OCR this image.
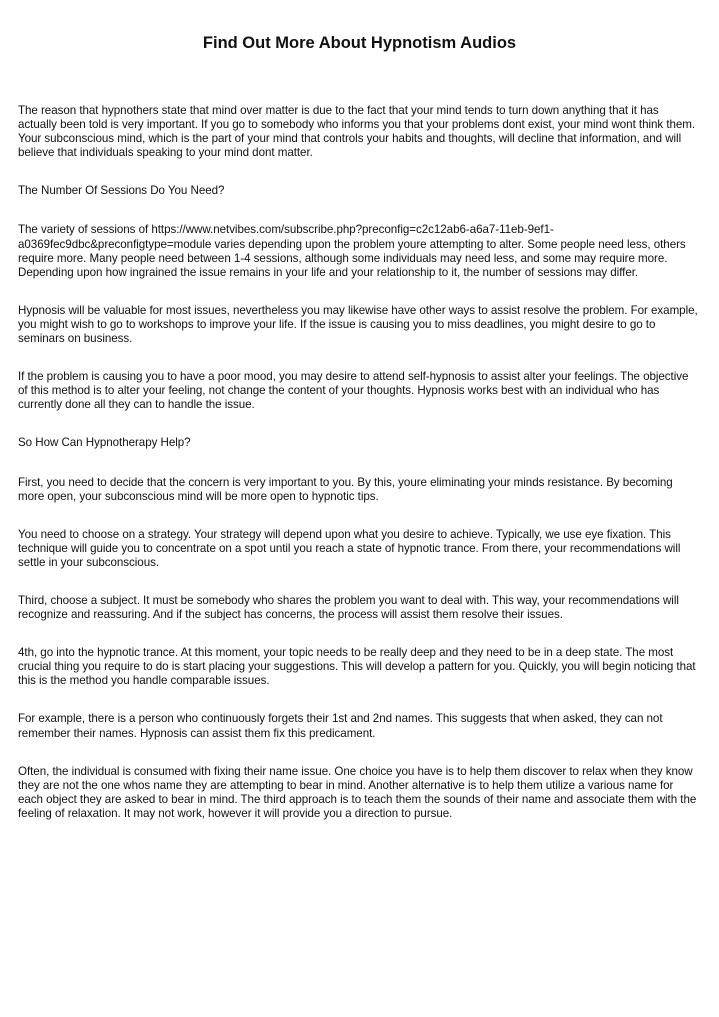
Find Out More About Hypnotism Audios

The reason that hypnothers state that mind over matter is due to the fact that your mind tends to turn down anything that it has actually been told is very important. If you go to somebody who informs you that your problems dont exist, your mind wont think them. Your subconscious mind, which is the part of your mind that controls your habits and thoughts, will decline that information, and will believe that individuals speaking to your mind dont matter.

The Number Of Sessions Do You Need?

The variety of sessions of https://www.netvibes.com/subscribe.php?preconfig=c2c12ab6-a6a7-11eb-9ef1-a0369fec9dbc&preconfigtype=module varies depending upon the problem youre attempting to alter. Some people need less, others require more. Many people need between 1-4 sessions, although some individuals may need less, and some may require more. Depending upon how ingrained the issue remains in your life and your relationship to it, the number of sessions may differ.

Hypnosis will be valuable for most issues, nevertheless you may likewise have other ways to assist resolve the problem. For example, you might wish to go to workshops to improve your life. If the issue is causing you to miss deadlines, you might desire to go to seminars on business.

If the problem is causing you to have a poor mood, you may desire to attend self-hypnosis to assist alter your feelings. The objective of this method is to alter your feeling, not change the content of your thoughts. Hypnosis works best with an individual who has currently done all they can to handle the issue.

So How Can Hypnotherapy Help?

First, you need to decide that the concern is very important to you. By this, youre eliminating your minds resistance. By becoming more open, your subconscious mind will be more open to hypnotic tips.

You need to choose on a strategy. Your strategy will depend upon what you desire to achieve. Typically, we use eye fixation. This technique will guide you to concentrate on a spot until you reach a state of hypnotic trance. From there, your recommendations will settle in your subconscious.

Third, choose a subject. It must be somebody who shares the problem you want to deal with. This way, your recommendations will recognize and reassuring. And if the subject has concerns, the process will assist them resolve their issues.

4th, go into the hypnotic trance. At this moment, your topic needs to be really deep and they need to be in a deep state. The most crucial thing you require to do is start placing your suggestions. This will develop a pattern for you. Quickly, you will begin noticing that this is the method you handle comparable issues.

For example, there is a person who continuously forgets their 1st and 2nd names. This suggests that when asked, they can not remember their names. Hypnosis can assist them fix this predicament.

Often, the individual is consumed with fixing their name issue. One choice you have is to help them discover to relax when they know they are not the one whos name they are attempting to bear in mind. Another alternative is to help them utilize a various name for each object they are asked to bear in mind. The third approach is to teach them the sounds of their name and associate them with the feeling of relaxation. It may not work, however it will provide you a direction to pursue.
